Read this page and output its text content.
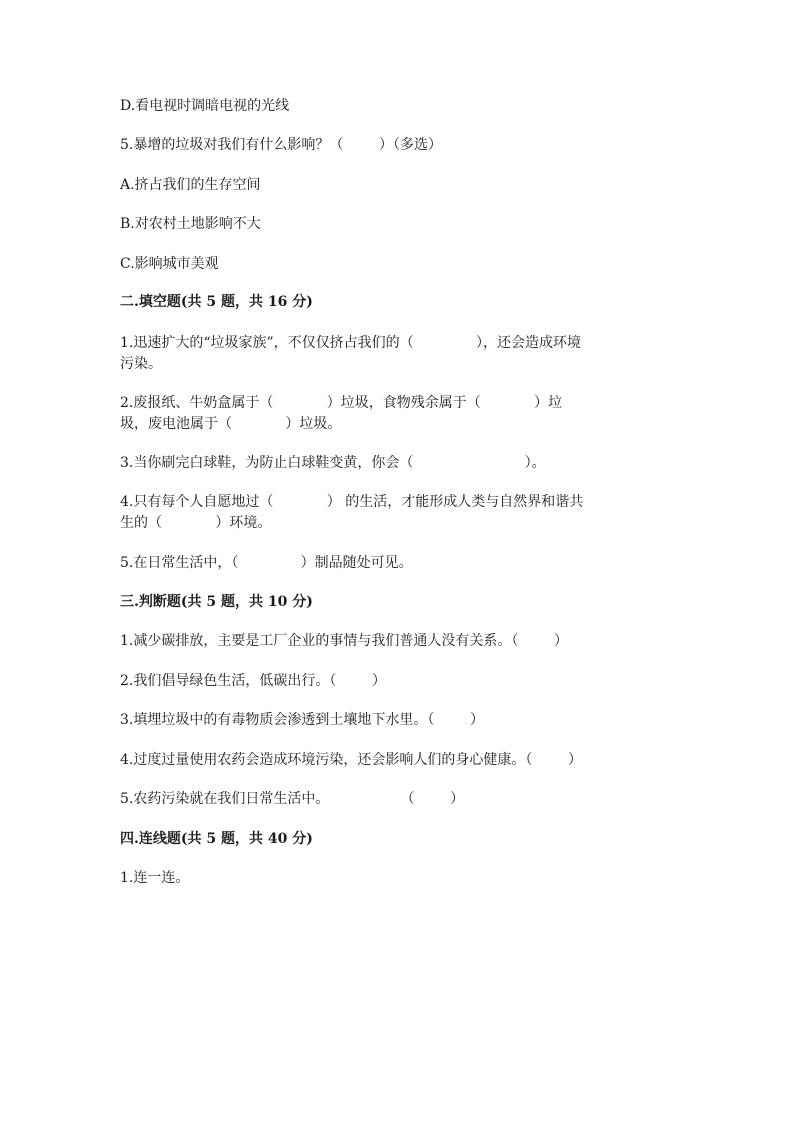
D.看电视时调暗电视的光线

5.暴增的垃圾对我们有什么影响？（        ）（多选）

A.挤占我们的生存空间

B.对农村土地影响不大

C.影响城市美观

二.填空题(共 5 题，共 16 分)

1.迅速扩大的“垃圾家族”，不仅仅挤占我们的（              ），还会造成环境

污染。

2.废报纸、牛奶盒属于（            ）垃圾，食物残余属于（            ）垃

圾，废电池属于（            ）垃圾。

3.当你刷完白球鞋，为防止白球鞋变黄，你会（                         ）。

4.只有每个人自愿地过（            ） 的生活，才能形成人类与自然界和谐共

生的（            ）环境。

5.在日常生活中，（              ）制品随处可见。

三.判断题(共 5 题，共 10 分)

1.减少碳排放，主要是工厂企业的事情与我们普通人没有关系。（        ）

2.我们倡导绿色生活，低碳出行。（        ）

3.填埋垃圾中的有毒物质会渗透到土壤地下水里。（        ）

4.过度过量使用农药会造成环境污染，还会影响人们的身心健康。（        ）

5.农药污染就在我们日常生活中。                （        ）

四.连线题(共 5 题，共 40 分)

1.连一连。
